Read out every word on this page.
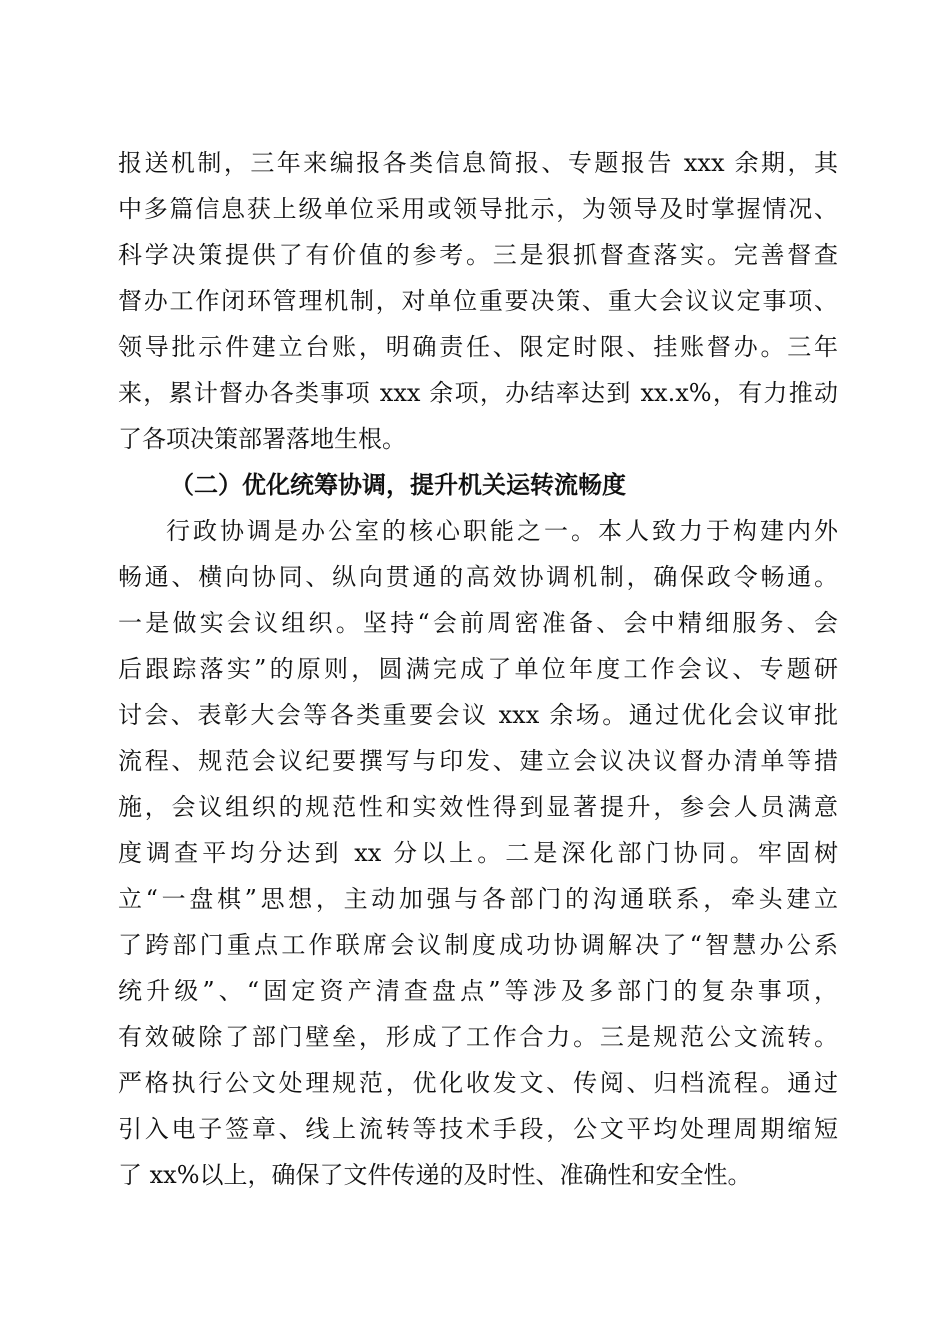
报送机制，三年来编报各类信息简报、专题报告 xxx 余期，其
中多篇信息获上级单位采用或领导批示，为领导及时掌握情况、
科学决策提供了有价值的参考。三是狠抓督查落实。完善督查
督办工作闭环管理机制，对单位重要决策、重大会议议定事项、
领导批示件建立台账，明确责任、限定时限、挂账督办。三年
来，累计督办各类事项 xxx 余项，办结率达到 xx.x%，有力推动
了各项决策部署落地生根。
（二）优化统筹协调，提升机关运转流畅度
行政协调是办公室的核心职能之一。本人致力于构建内外
畅通、横向协同、纵向贯通的高效协调机制，确保政令畅通。
一是做实会议组织。坚持“会前周密准备、会中精细服务、会
后跟踪落实”的原则，圆满完成了单位年度工作会议、专题研
讨会、表彰大会等各类重要会议 xxx 余场。通过优化会议审批
流程、规范会议纪要撰写与印发、建立会议决议督办清单等措
施，会议组织的规范性和实效性得到显著提升，参会人员满意
度调查平均分达到 xx 分以上。二是深化部门协同。牢固树
立“一盘棋”思想，主动加强与各部门的沟通联系，牵头建立
了跨部门重点工作联席会议制度成功协调解决了“智慧办公系
统升级”、“固定资产清查盘点”等涉及多部门的复杂事项，
有效破除了部门壁垒，形成了工作合力。三是规范公文流转。
严格执行公文处理规范，优化收发文、传阅、归档流程。通过
引入电子签章、线上流转等技术手段，公文平均处理周期缩短
了 xx%以上，确保了文件传递的及时性、准确性和安全性。
